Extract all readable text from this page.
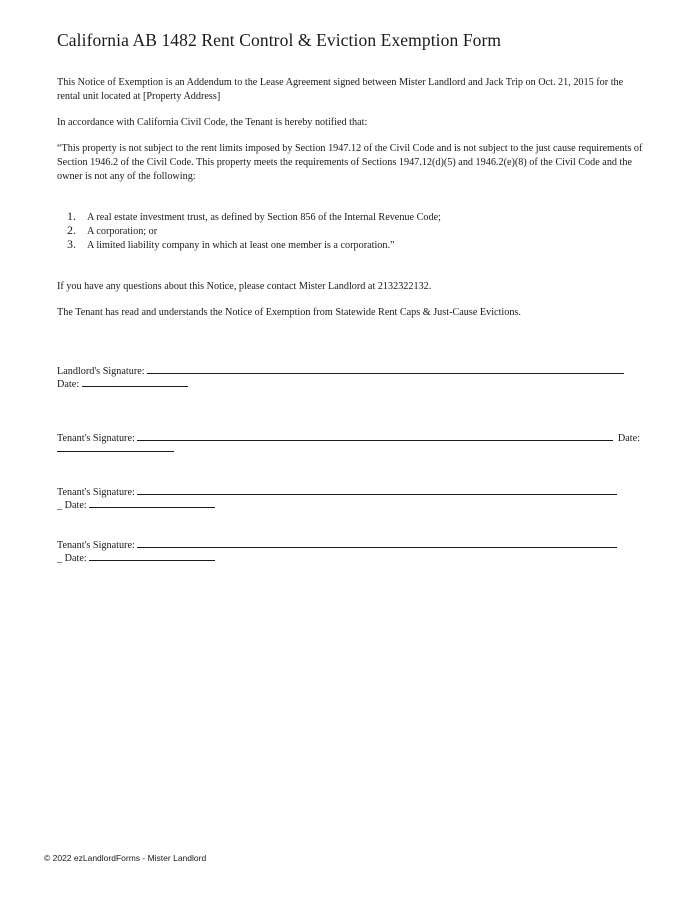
California AB 1482 Rent Control & Eviction Exemption Form
This Notice of Exemption is an Addendum to the Lease Agreement signed between Mister Landlord and Jack Trip on Oct. 21, 2015 for the rental unit located at [Property Address]
In accordance with California Civil Code, the Tenant is hereby notified that:
“This property is not subject to the rent limits imposed by Section 1947.12 of the Civil Code and is not subject to the just cause requirements of Section 1946.2 of the Civil Code. This property meets the requirements of Sections 1947.12(d)(5) and 1946.2(e)(8) of the Civil Code and the owner is not any of the following:
1.	A real estate investment trust, as defined by Section 856 of the Internal Revenue Code;
2.	A corporation; or
3.	A limited liability company in which at least one member is a corporation.”
If you have any questions about this Notice, please contact Mister Landlord at 2132322132.
The Tenant has read and understands the Notice of Exemption from Statewide Rent Caps & Just-Cause Evictions.
Landlord's Signature:
Date:
Tenant's Signature:	Date:
Tenant's Signature:
_ Date:
Tenant's Signature:
_ Date:
© 2022 ezLandlordForms - Mister Landlord
